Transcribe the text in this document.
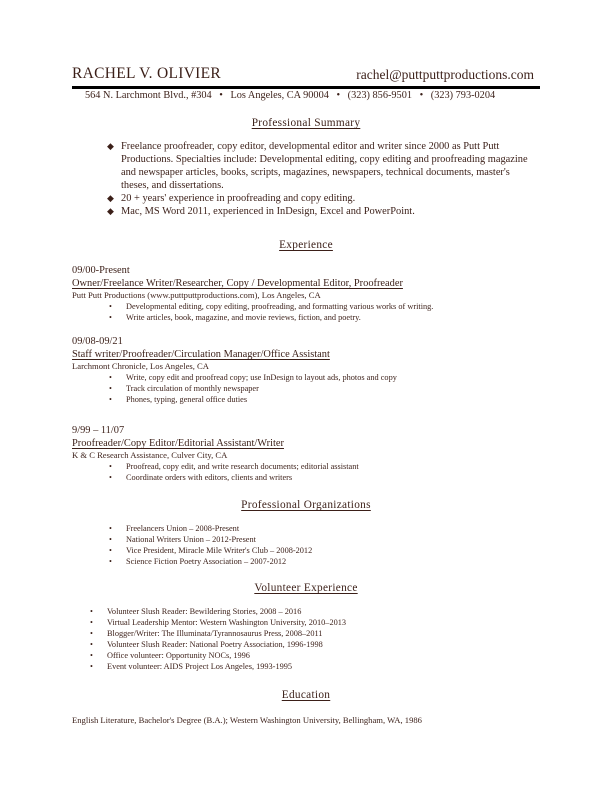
RACHEL V. OLIVIER	rachel@puttputtproductions.com
564 N. Larchmont Blvd., #304 • Los Angeles, CA 90004 • (323) 856-9501 • (323) 793-0204
Professional Summary
◆ Freelance proofreader, copy editor, developmental editor and writer since 2000 as Putt Putt Productions. Specialties include: Developmental editing, copy editing and proofreading magazine and newspaper articles, books, scripts, magazines, newspapers, technical documents, master's theses, and dissertations.
◆ 20 + years' experience in proofreading and copy editing.
◆ Mac, MS Word 2011, experienced in InDesign, Excel and PowerPoint.
Experience
09/00-Present
Owner/Freelance Writer/Researcher, Copy / Developmental Editor, Proofreader
Putt Putt Productions (www.puttputtproductions.com), Los Angeles, CA
• Developmental editing, copy editing, proofreading, and formatting various works of writing.
• Write articles, book, magazine, and movie reviews, fiction, and poetry.
09/08-09/21
Staff writer/Proofreader/Circulation Manager/Office Assistant
Larchmont Chronicle, Los Angeles, CA
• Write, copy edit and proofread copy; use InDesign to layout ads, photos and copy
• Track circulation of monthly newspaper
• Phones, typing, general office duties
9/99 – 11/07
Proofreader/Copy Editor/Editorial Assistant/Writer
K & C Research Assistance, Culver City, CA
• Proofread, copy edit, and write research documents; editorial assistant
• Coordinate orders with editors, clients and writers
Professional Organizations
• Freelancers Union – 2008-Present
• National Writers Union – 2012-Present
• Vice President, Miracle Mile Writer's Club – 2008-2012
• Science Fiction Poetry Association – 2007-2012
Volunteer Experience
• Volunteer Slush Reader: Bewildering Stories, 2008 – 2016
• Virtual Leadership Mentor: Western Washington University, 2010–2013
• Blogger/Writer: The Illuminata/Tyrannosaurus Press, 2008–2011
• Volunteer Slush Reader: National Poetry Association, 1996-1998
• Office volunteer: Opportunity NOCs, 1996
• Event volunteer: AIDS Project Los Angeles, 1993-1995
Education
English Literature, Bachelor's Degree (B.A.); Western Washington University, Bellingham, WA, 1986
